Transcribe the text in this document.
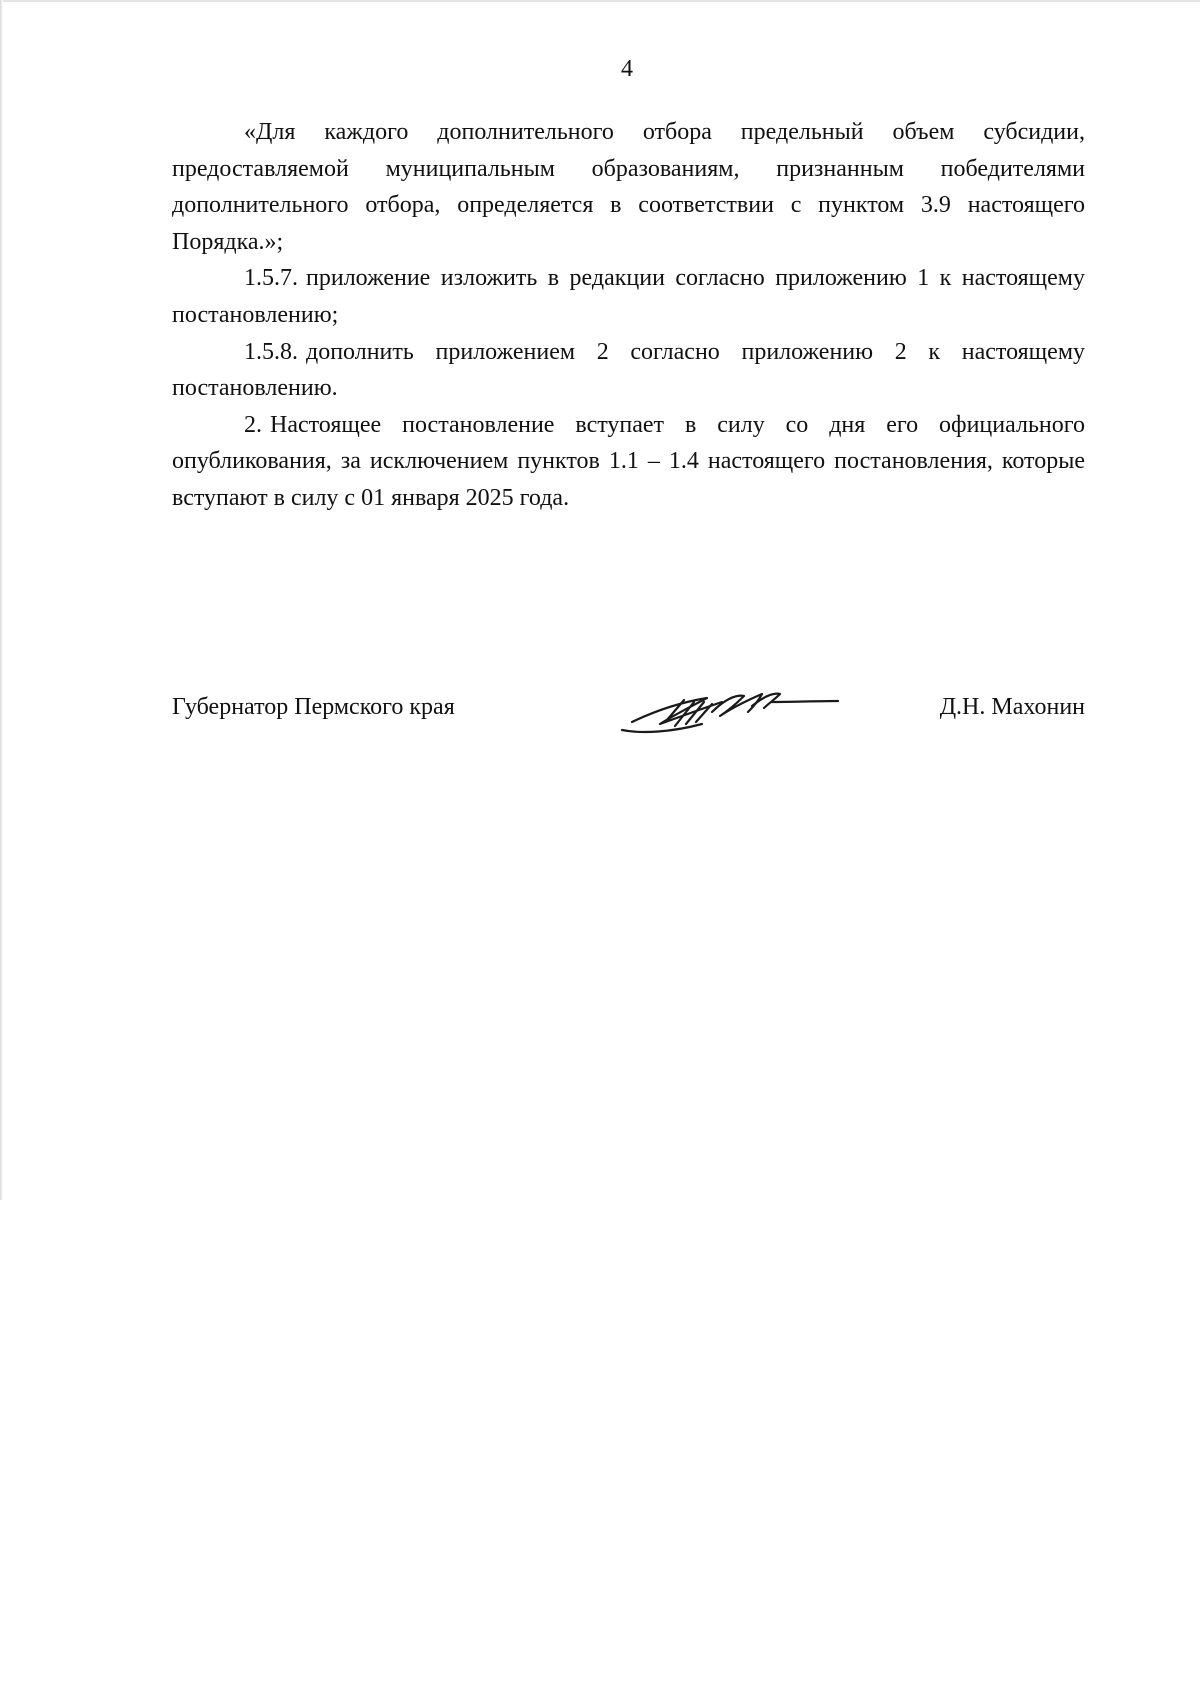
4

«Для каждого дополнительного отбора предельный объем субсидии, предоставляемой муниципальным образованиям, признанным победителями дополнительного отбора, определяется в соответствии с пунктом 3.9 настоящего Порядка.»;

1.5.7. приложение изложить в редакции согласно приложению 1 к настоящему постановлению;

1.5.8. дополнить приложением 2 согласно приложению 2 к настоящему постановлению.

2. Настоящее постановление вступает в силу со дня его официального опубликования, за исключением пунктов 1.1 – 1.4 настоящего постановления, которые вступают в силу с 01 января 2025 года.

Губернатор Пермского края	Д.Н. Махонин
